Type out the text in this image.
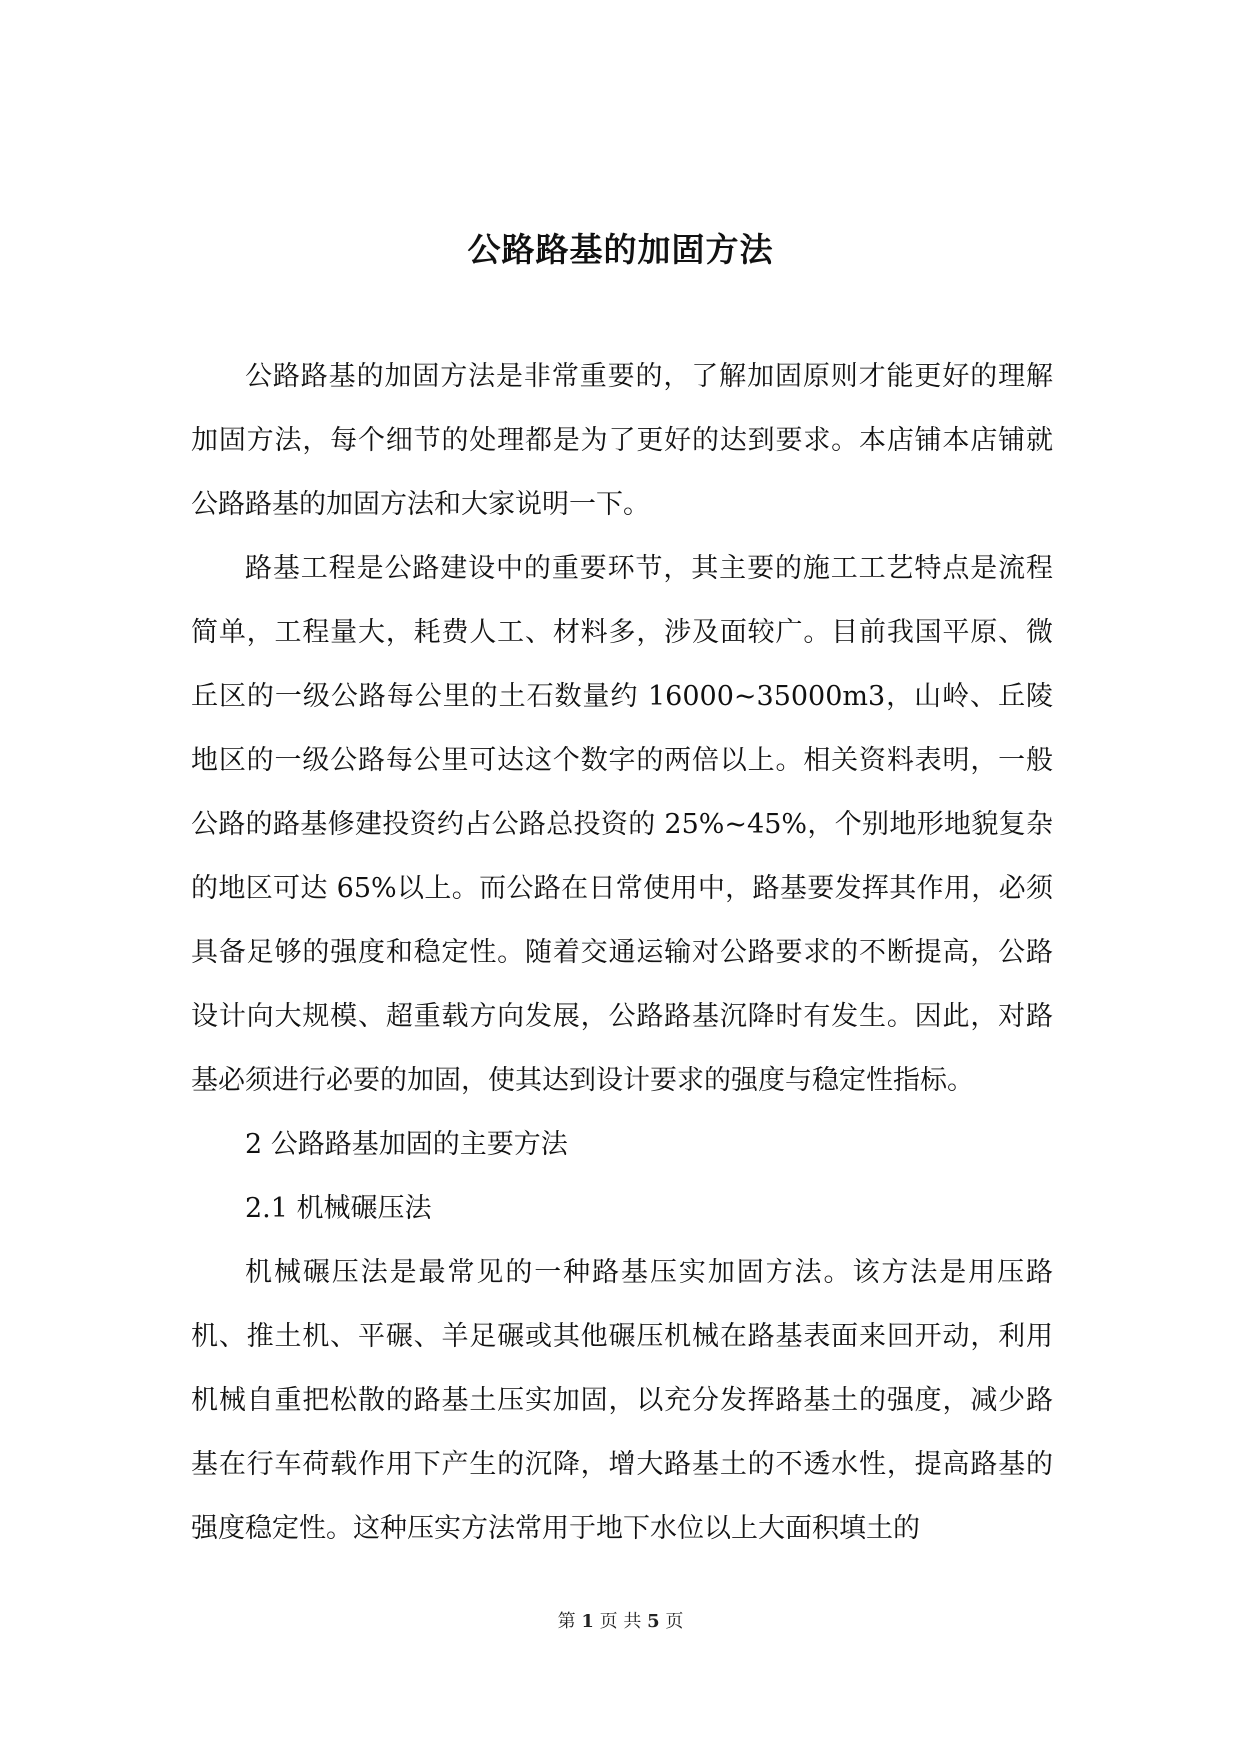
公路路基的加固方法

公路路基的加固方法是非常重要的，了解加固原则才能更好的理解加固方法，每个细节的处理都是为了更好的达到要求。本店铺本店铺就公路路基的加固方法和大家说明一下。

路基工程是公路建设中的重要环节，其主要的施工工艺特点是流程简单，工程量大，耗费人工、材料多，涉及面较广。目前我国平原、微丘区的一级公路每公里的土石数量约 16000~35000m3，山岭、丘陵地区的一级公路每公里可达这个数字的两倍以上。相关资料表明，一般公路的路基修建投资约占公路总投资的 25%~45%，个别地形地貌复杂的地区可达 65%以上。而公路在日常使用中，路基要发挥其作用，必须具备足够的强度和稳定性。随着交通运输对公路要求的不断提高，公路设计向大规模、超重载方向发展，公路路基沉降时有发生。因此，对路基必须进行必要的加固，使其达到设计要求的强度与稳定性指标。

2 公路路基加固的主要方法

2.1 机械碾压法

机械碾压法是最常见的一种路基压实加固方法。该方法是用压路机、推土机、平碾、羊足碾或其他碾压机械在路基表面来回开动，利用机械自重把松散的路基土压实加固，以充分发挥路基土的强度，减少路基在行车荷载作用下产生的沉降，增大路基土的不透水性，提高路基的强度稳定性。这种压实方法常用于地下水位以上大面积填土的

第 1 页 共 5 页
